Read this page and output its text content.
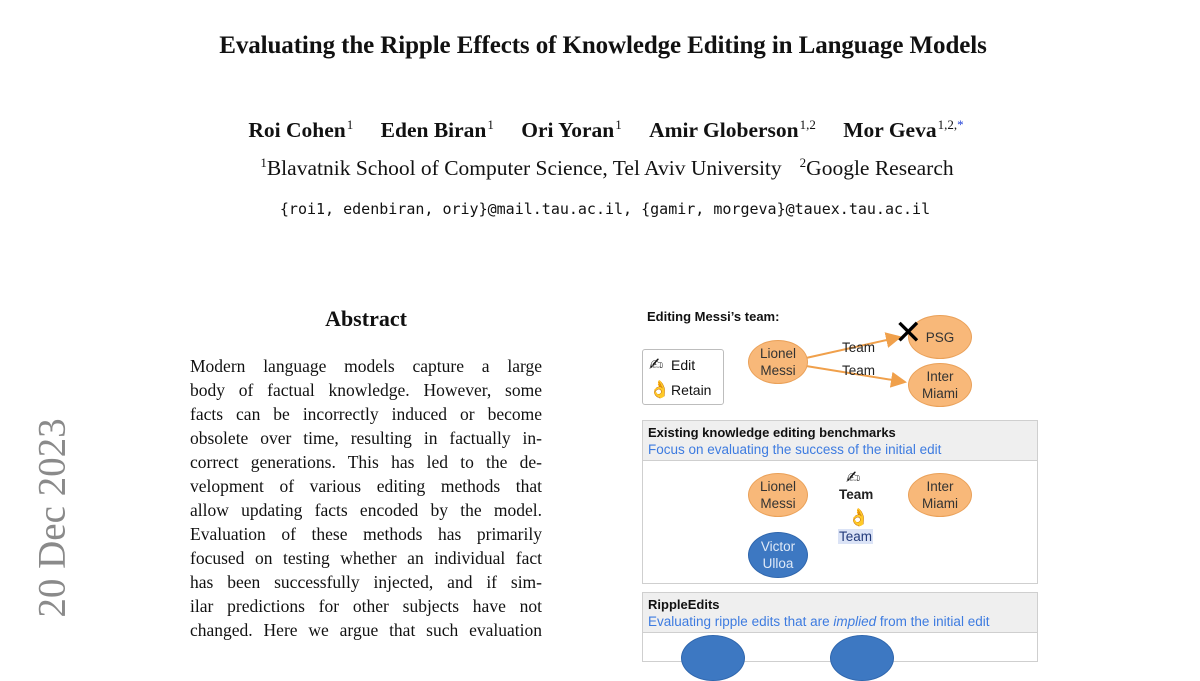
Evaluating the Ripple Effects of Knowledge Editing in Language Models
Roi Cohen$^1$ Eden Biran$^1$ Ori Yoran$^1$ Amir Globerson$^{1,2}$ Mor Geva$^{1,2,*}$
$^1$Blavatnik School of Computer Science, Tel Aviv University $^2$Google Research
{roi1, edenbiran, oriy}@mail.tau.ac.il, {gamir, morgeva}@tauex.tau.ac.il
20 Dec 2023
Abstract
Modern language models capture a large
body of factual knowledge. However, some
facts can be incorrectly induced or become
obsolete over time, resulting in factually in-
correct generations. This has led to the de-
velopment of various editing methods that
allow updating facts encoded by the model.
Evaluation of these methods has primarily
focused on testing whether an individual fact
has been successfully injected, and if sim-
ilar predictions for other subjects have not
changed. Here we argue that such evaluation
Editing Messi’s team:
✍ Edit
👌 Retain
Lionel Messi
PSG
Inter Miami
Team
Team
✕
Existing knowledge editing benchmarks
Focus on evaluating the success of the initial edit
Lionel Messi
Inter Miami
Victor Ulloa
✍
Team
👌
Team
RippleEdits
Evaluating ripple edits that are implied from the initial edit
